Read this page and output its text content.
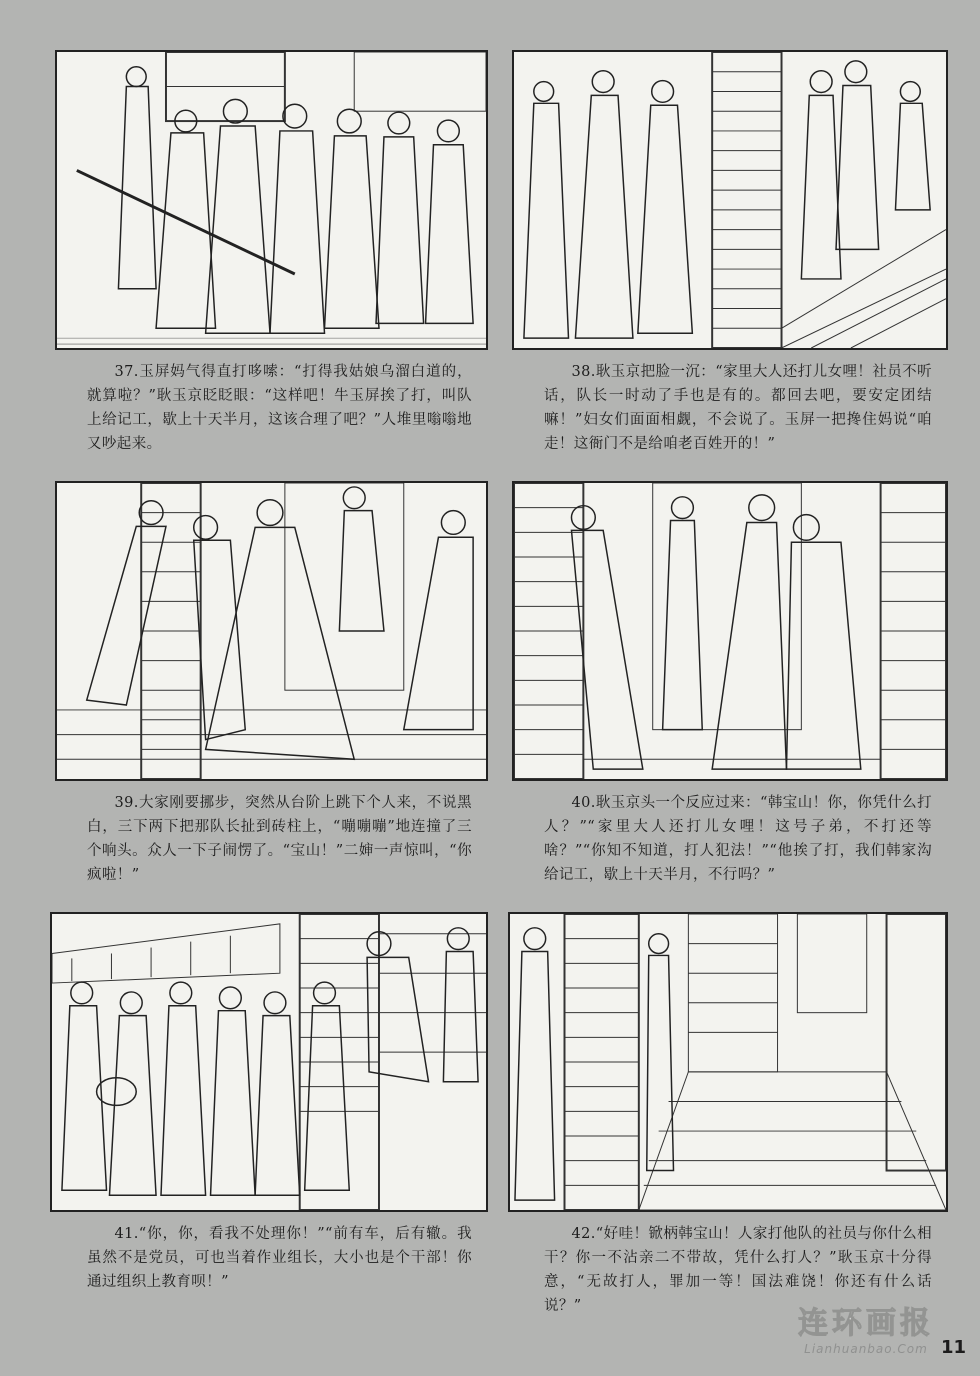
37.玉屏妈气得直打哆嗦：“打得我姑娘乌溜白道的，就算啦？”耿玉京眨眨眼：“这样吧！牛玉屏挨了打，叫队上给记工，歇上十天半月，这该合理了吧？”人堆里嗡嗡地又吵起来。
38.耿玉京把脸一沉：“家里大人还打儿女哩！社员不听话，队长一时动了手也是有的。都回去吧，要安定团结嘛！”妇女们面面相觑，不会说了。玉屏一把搀住妈说“咱走！这衙门不是给咱老百姓开的！”
39.大家刚要挪步，突然从台阶上跳下个人来，不说黑白，三下两下把那队长扯到砖柱上，“嘣嘣嘣”地连撞了三个响头。众人一下子闹愣了。“宝山！”二婶一声惊叫，“你疯啦！”
40.耿玉京头一个反应过来：“韩宝山！你，你凭什么打人？”“家里大人还打儿女哩！这号子弟，不打还等啥？”“你知不知道，打人犯法！”“他挨了打，我们韩家沟给记工，歇上十天半月，不行吗？”
41.“你，你，看我不处理你！”“前有车，后有辙。我虽然不是党员，可也当着作业组长，大小也是个干部！你通过组织上教育呗！”
42.“好哇！锨柄韩宝山！人家打他队的社员与你什么相干？你一不沾亲二不带故，凭什么打人？”耿玉京十分得意，“无故打人，罪加一等！国法难饶！你还有什么话说？”	连环画报
Lianhuanbao.Com 11
